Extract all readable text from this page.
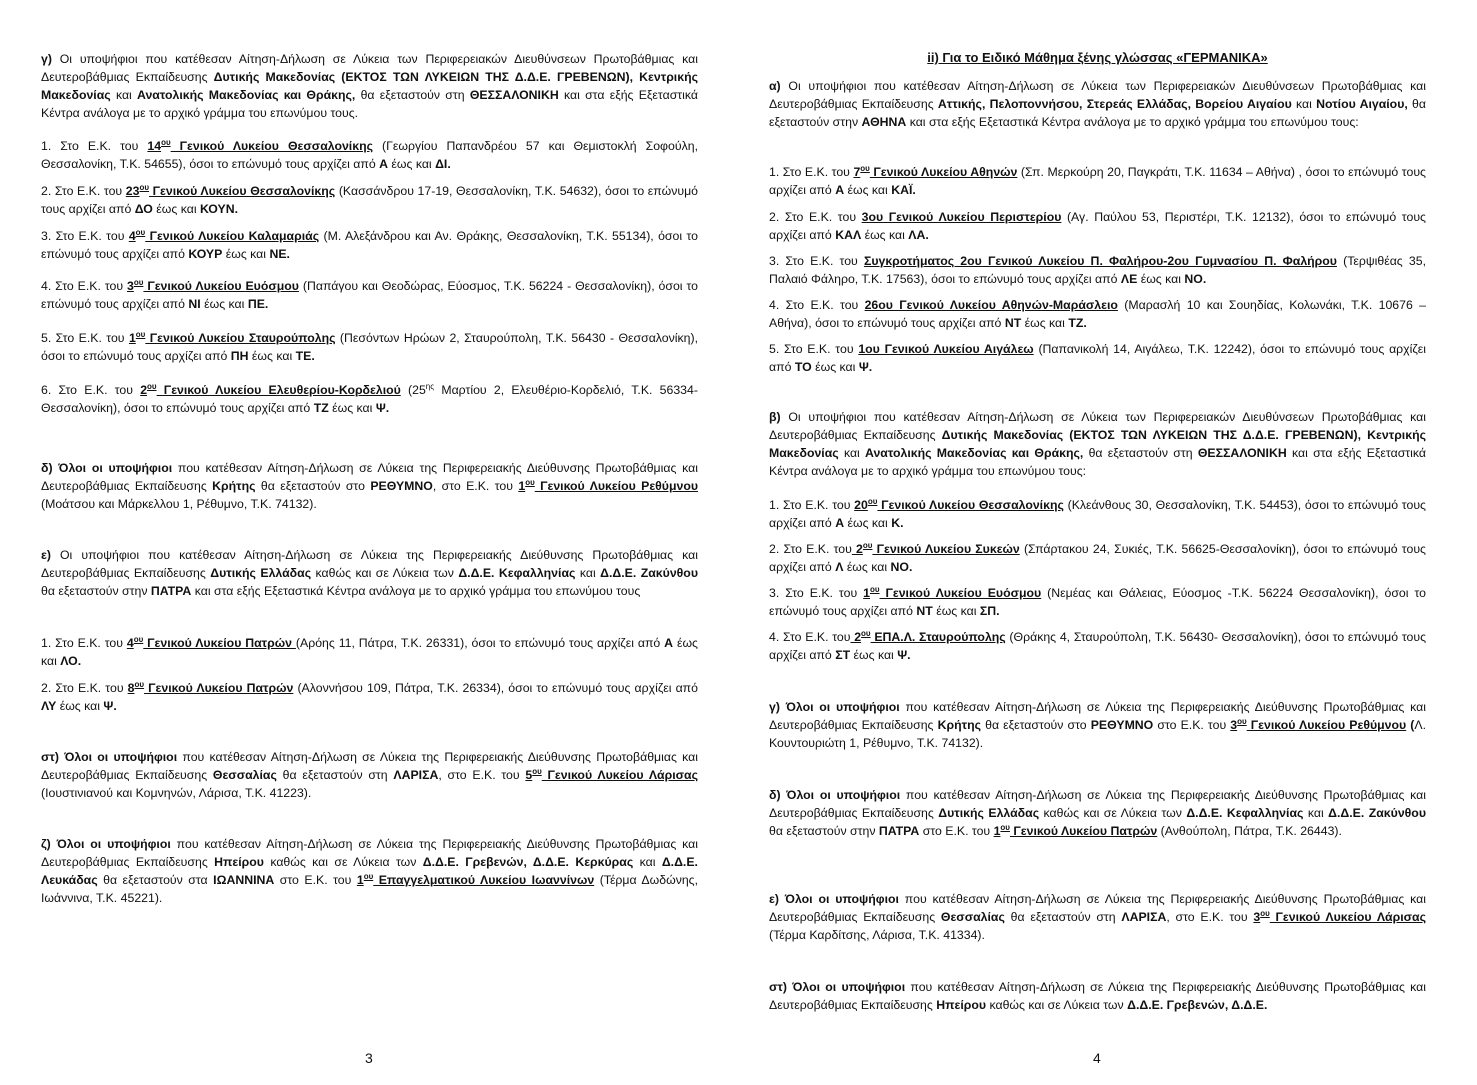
γ) Οι υποψήφιοι που κατέθεσαν Αίτηση-Δήλωση σε Λύκεια των Περιφερειακών Διευθύνσεων Πρωτοβάθμιας και Δευτεροβάθμιας Εκπαίδευσης Δυτικής Μακεδονίας (ΕΚΤΟΣ ΤΩΝ ΛΥΚΕΙΩΝ ΤΗΣ Δ.Δ.Ε. ΓΡΕΒΕΝΩΝ), Κεντρικής Μακεδονίας και Ανατολικής Μακεδονίας και Θράκης, θα εξεταστούν στη ΘΕΣΣΑΛΟΝΙΚΗ και στα εξής Εξεταστικά Κέντρα ανάλογα με το αρχικό γράμμα του επωνύμου τους.

1. Στο Ε.Κ. του $14^{o\upsilon}$ Γενικού Λυκείου Θεσσαλονίκης (Γεωργίου Παπανδρέου 57 και Θεμιστοκλή Σοφούλη, Θεσσαλονίκη, Τ.Κ. 54655), όσοι το επώνυμό τους αρχίζει από Α έως και ΔΙ.

2. Στο Ε.Κ. του $23^{o\upsilon}$ Γενικού Λυκείου Θεσσαλονίκης (Κασσάνδρου 17-19, Θεσσαλονίκη, Τ.Κ. 54632), όσοι το επώνυμό τους αρχίζει από ΔΟ έως και ΚΟΥΝ.

3. Στο Ε.Κ. του $4^{o\upsilon}$ Γενικού Λυκείου Καλαμαριάς (Μ. Αλεξάνδρου και Αν. Θράκης, Θεσσαλονίκη, Τ.Κ. 55134), όσοι το επώνυμό τους αρχίζει από ΚΟΥΡ έως και ΝΕ.

4. Στο Ε.Κ. του $3^{o\upsilon}$ Γενικού Λυκείου Ευόσμου (Παπάγου και Θεοδώρας, Εύοσμος, Τ.Κ. 56224 - Θεσσαλονίκη), όσοι το επώνυμό τους αρχίζει από ΝΙ έως και ΠΕ.

5. Στο Ε.Κ. του $1^{o\upsilon}$ Γενικού Λυκείου Σταυρούπολης (Πεσόντων Ηρώων 2, Σταυρούπολη, Τ.Κ. 56430 - Θεσσαλονίκη), όσοι το επώνυμό τους αρχίζει από ΠΗ έως και ΤΕ.

6. Στο Ε.Κ. του $2^{o\upsilon}$ Γενικού Λυκείου Ελευθερίου-Κορδελιού ($25^{\eta\varsigma}$ Μαρτίου 2, Ελευθέριο-Κορδελιό, Τ.Κ. 56334-Θεσσαλονίκη), όσοι το επώνυμό τους αρχίζει από ΤΖ έως και Ψ.

δ) Όλοι οι υποψήφιοι που κατέθεσαν Αίτηση-Δήλωση σε Λύκεια της Περιφερειακής Διεύθυνσης Πρωτοβάθμιας και Δευτεροβάθμιας Εκπαίδευσης Κρήτης θα εξεταστούν στο ΡΕΘΥΜΝΟ, στο Ε.Κ. του $1^{o\upsilon}$ Γενικού Λυκείου Ρεθύμνου (Μοάτσου και Μάρκελλου 1, Ρέθυμνο, Τ.Κ. 74132).

ε) Οι υποψήφιοι που κατέθεσαν Αίτηση-Δήλωση σε Λύκεια της Περιφερειακής Διεύθυνσης Πρωτοβάθμιας και Δευτεροβάθμιας Εκπαίδευσης Δυτικής Ελλάδας καθώς και σε Λύκεια των Δ.Δ.Ε. Κεφαλληνίας και Δ.Δ.Ε. Ζακύνθου θα εξεταστούν στην ΠΑΤΡΑ και στα εξής Εξεταστικά Κέντρα ανάλογα με το αρχικό γράμμα του επωνύμου τους

1. Στο Ε.Κ. του $4^{o\upsilon}$ Γενικού Λυκείου Πατρών (Αρόης 11, Πάτρα, Τ.Κ. 26331), όσοι το επώνυμό τους αρχίζει από Α έως και ΛΟ.

2. Στο Ε.Κ. του $8^{o\upsilon}$ Γενικού Λυκείου Πατρών (Αλοννήσου 109, Πάτρα, Τ.Κ. 26334), όσοι το επώνυμό τους αρχίζει από ΛΥ έως και Ψ.

στ) Όλοι οι υποψήφιοι που κατέθεσαν Αίτηση-Δήλωση σε Λύκεια της Περιφερειακής Διεύθυνσης Πρωτοβάθμιας και Δευτεροβάθμιας Εκπαίδευσης Θεσσαλίας θα εξεταστούν στη ΛΑΡΙΣΑ, στο Ε.Κ. του $5^{o\upsilon}$ Γενικού Λυκείου Λάρισας (Ιουστινιανού και Κομνηνών, Λάρισα, Τ.Κ. 41223).

ζ) Όλοι οι υποψήφιοι που κατέθεσαν Αίτηση-Δήλωση σε Λύκεια της Περιφερειακής Διεύθυνσης Πρωτοβάθμιας και Δευτεροβάθμιας Εκπαίδευσης Ηπείρου καθώς και σε Λύκεια των Δ.Δ.Ε. Γρεβενών, Δ.Δ.Ε. Κερκύρας και Δ.Δ.Ε. Λευκάδας θα εξεταστούν στα ΙΩΑΝΝΙΝΑ στο Ε.Κ. του $1^{o\upsilon}$ Επαγγελματικού Λυκείου Ιωαννίνων (Τέρμα Δωδώνης, Ιωάννινα, Τ.Κ. 45221).

3
ii) Για το Ειδικό Μάθημα ξένης γλώσσας «ΓΕΡΜΑΝΙΚΑ»

α) Οι υποψήφιοι που κατέθεσαν Αίτηση-Δήλωση σε Λύκεια των Περιφερειακών Διευθύνσεων Πρωτοβάθμιας και Δευτεροβάθμιας Εκπαίδευσης Αττικής, Πελοποννήσου, Στερεάς Ελλάδας, Βορείου Αιγαίου και Νοτίου Αιγαίου, θα εξεταστούν στην ΑΘΗΝΑ και στα εξής Εξεταστικά Κέντρα ανάλογα με το αρχικό γράμμα του επωνύμου τους:

1. Στο Ε.Κ. του $7^{o\upsilon}$ Γενικού Λυκείου Αθηνών (Σπ. Μερκούρη 20, Παγκράτι, Τ.Κ. 11634 – Αθήνα) , όσοι το επώνυμό τους αρχίζει από Α έως και ΚΑΪ.

2. Στο Ε.Κ. του 3ου Γενικού Λυκείου Περιστερίου (Αγ. Παύλου 53, Περιστέρι, Τ.Κ. 12132), όσοι το επώνυμό τους αρχίζει από ΚΑΛ έως και ΛΑ.

3. Στο Ε.Κ. του Συγκροτήματος 2ου Γενικού Λυκείου Π. Φαλήρου-2ου Γυμνασίου Π. Φαλήρου (Τερψιθέας 35, Παλαιό Φάληρο, Τ.Κ. 17563), όσοι το επώνυμό τους αρχίζει από ΛΕ έως και ΝΟ.

4. Στο Ε.Κ. του 26ου Γενικού Λυκείου Αθηνών-Μαράσλειο (Μαρασλή 10 και Σουηδίας, Κολωνάκι, Τ.Κ. 10676 – Αθήνα), όσοι το επώνυμό τους αρχίζει από ΝΤ έως και ΤΖ.

5. Στο Ε.Κ. του 1ου Γενικού Λυκείου Αιγάλεω (Παπανικολή 14, Αιγάλεω, Τ.Κ. 12242), όσοι το επώνυμό τους αρχίζει από ΤΟ έως και Ψ.

β) Οι υποψήφιοι που κατέθεσαν Αίτηση-Δήλωση σε Λύκεια των Περιφερειακών Διευθύνσεων Πρωτοβάθμιας και Δευτεροβάθμιας Εκπαίδευσης Δυτικής Μακεδονίας (ΕΚΤΟΣ ΤΩΝ ΛΥΚΕΙΩΝ ΤΗΣ Δ.Δ.Ε. ΓΡΕΒΕΝΩΝ), Κεντρικής Μακεδονίας και Ανατολικής Μακεδονίας και Θράκης, θα εξεταστούν στη ΘΕΣΣΑΛΟΝΙΚΗ και στα εξής Εξεταστικά Κέντρα ανάλογα με το αρχικό γράμμα του επωνύμου τους:

1. Στο Ε.Κ. του $20^{o\upsilon}$ Γενικού Λυκείου Θεσσαλονίκης (Κλεάνθους 30, Θεσσαλονίκη, Τ.Κ. 54453), όσοι το επώνυμό τους αρχίζει από Α έως και Κ.

2. Στο Ε.Κ. του $2^{o\upsilon}$ Γενικού Λυκείου Συκεών (Σπάρτακου 24, Συκιές, Τ.Κ. 56625-Θεσσαλονίκη), όσοι το επώνυμό τους αρχίζει από Λ έως και ΝΟ.

3. Στο Ε.Κ. του $1^{o\upsilon}$ Γενικού Λυκείου Ευόσμου (Νεμέας και Θάλειας, Εύοσμος -Τ.Κ. 56224 Θεσσαλονίκη), όσοι το επώνυμό τους αρχίζει από ΝΤ έως και ΣΠ.

4. Στο Ε.Κ. του $2^{o\upsilon}$ ΕΠΑ.Λ. Σταυρούπολης (Θράκης 4, Σταυρούπολη, Τ.Κ. 56430- Θεσσαλονίκη), όσοι το επώνυμό τους αρχίζει από ΣΤ έως και Ψ.

γ) Όλοι οι υποψήφιοι που κατέθεσαν Αίτηση-Δήλωση σε Λύκεια της Περιφερειακής Διεύθυνσης Πρωτοβάθμιας και Δευτεροβάθμιας Εκπαίδευσης Κρήτης θα εξεταστούν στο ΡΕΘΥΜΝΟ στο Ε.Κ. του $3^{o\upsilon}$ Γενικού Λυκείου Ρεθύμνου (Λ. Κουντουριώτη 1, Ρέθυμνο, Τ.Κ. 74132).

δ) Όλοι οι υποψήφιοι που κατέθεσαν Αίτηση-Δήλωση σε Λύκεια της Περιφερειακής Διεύθυνσης Πρωτοβάθμιας και Δευτεροβάθμιας Εκπαίδευσης Δυτικής Ελλάδας καθώς και σε Λύκεια των Δ.Δ.Ε. Κεφαλληνίας και Δ.Δ.Ε. Ζακύνθου θα εξεταστούν στην ΠΑΤΡΑ στο Ε.Κ. του $1^{o\upsilon}$ Γενικού Λυκείου Πατρών (Ανθούπολη, Πάτρα, Τ.Κ. 26443).

ε) Όλοι οι υποψήφιοι που κατέθεσαν Αίτηση-Δήλωση σε Λύκεια της Περιφερειακής Διεύθυνσης Πρωτοβάθμιας και Δευτεροβάθμιας Εκπαίδευσης Θεσσαλίας θα εξεταστούν στη ΛΑΡΙΣΑ, στο Ε.Κ. του $3^{o\upsilon}$ Γενικού Λυκείου Λάρισας (Τέρμα Καρδίτσης, Λάρισα, Τ.Κ. 41334).

στ) Όλοι οι υποψήφιοι που κατέθεσαν Αίτηση-Δήλωση σε Λύκεια της Περιφερειακής Διεύθυνσης Πρωτοβάθμιας και Δευτεροβάθμιας Εκπαίδευσης Ηπείρου καθώς και σε Λύκεια των Δ.Δ.Ε. Γρεβενών, Δ.Δ.Ε.

4
